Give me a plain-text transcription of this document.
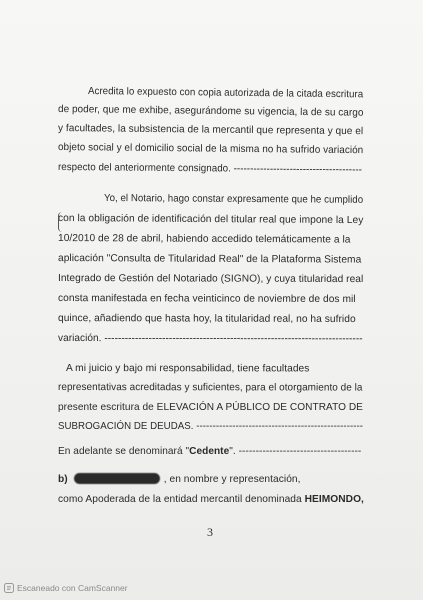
Acredita lo expuesto con copia autorizada de la citada escritura
de poder, que me exhibe, asegurándome su vigencia, la de su cargo
y facultades, la subsistencia de la mercantil que representa y que el
objeto social y el domicilio social de la misma no ha sufrido variación
respecto del anteriormente consignado. ---------------------------------------
Yo, el Notario, hago constar expresamente que he cumplido
con la obligación de identificación del titular real que impone la Ley
10/2010 de 28 de abril, habiendo accedido telemáticamente a la
aplicación "Consulta de Titularidad Real" de la Plataforma Sistema
Integrado de Gestión del Notariado (SIGNO), y cuya titularidad real
consta manifestada en fecha veinticinco de noviembre de dos mil
quince, añadiendo que hasta hoy, la titularidad real, no ha sufrido
variación. ----------------------------------------------------------------------------
A mi juicio y bajo mi responsabilidad, tiene facultades
representativas acreditadas y suficientes, para el otorgamiento de la
presente escritura de ELEVACIÓN A PÚBLICO DE CONTRATO DE
SUBROGACIÓN DE DEUDAS. ---------------------------------------------------
En adelante se denominará "Cedente". ------------------------------------
b)	, en nombre y representación,
como Apoderada de la entidad mercantil denominada HEIMONDO,
3
Escaneado con CamScanner
